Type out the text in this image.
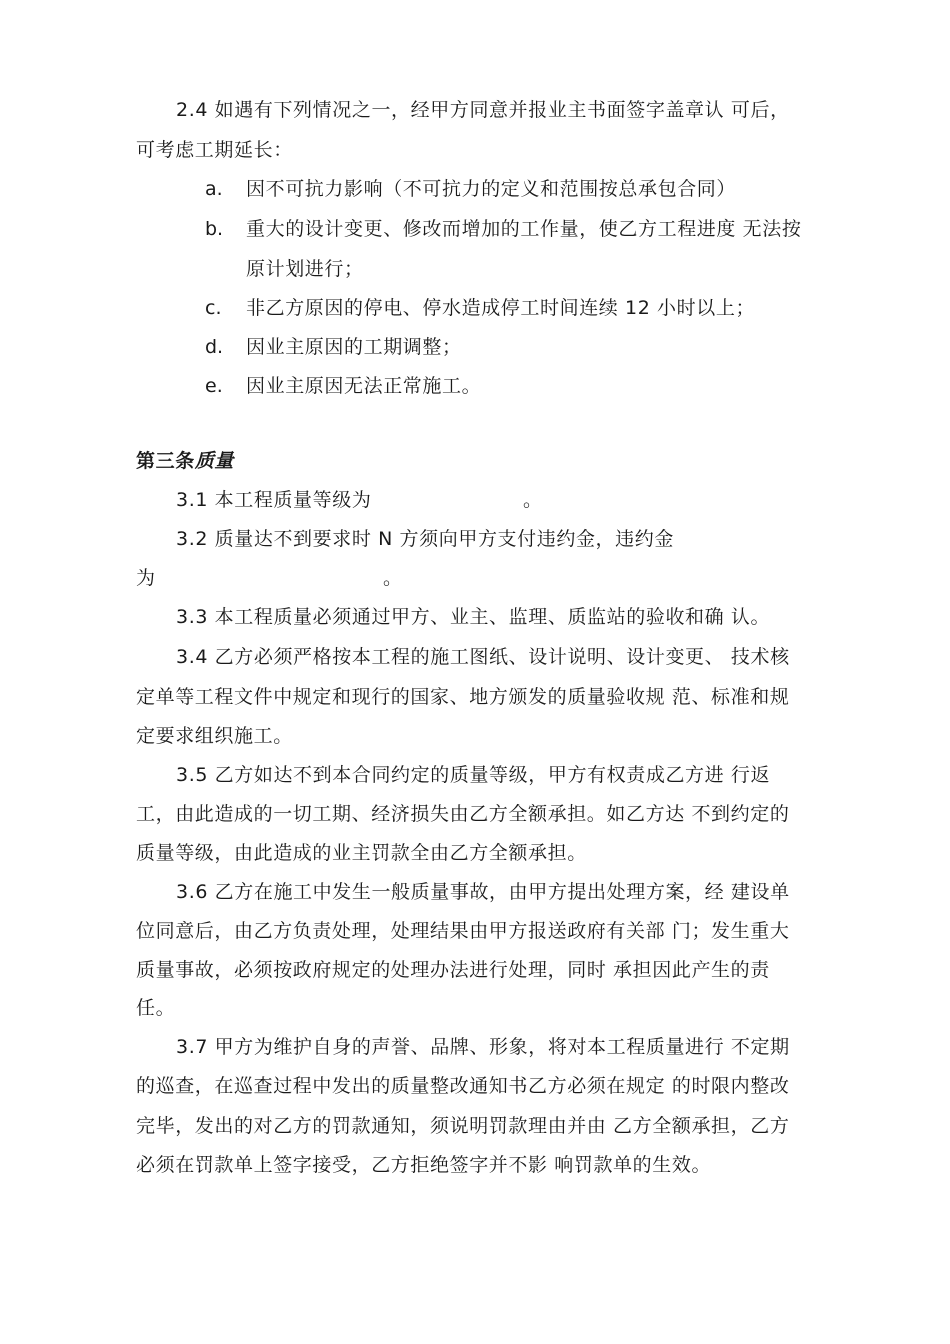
2.4 如遇有下列情况之一，经甲方同意并报业主书面签字盖章认 可后，
可考虑工期延长：
a. 因不可抗力影响（不可抗力的定义和范围按总承包合同）
b. 重大的设计变更、修改而增加的工作量，使乙方工程进度 无法按
原计划进行；
c. 非乙方原因的停电、停水造成停工时间连续 12 小时以上；
d. 因业主原因的工期调整；
e. 因业主原因无法正常施工。
第三条质量
3.1 本工程质量等级为	。
3.2 质量达不到要求时 N 方须向甲方支付违约金，违约金
为	。
3.3 本工程质量必须通过甲方、业主、监理、质监站的验收和确 认。
3.4 乙方必须严格按本工程的施工图纸、设计说明、设计变更、 技术核
定单等工程文件中规定和现行的国家、地方颁发的质量验收规 范、标准和规
定要求组织施工。
3.5 乙方如达不到本合同约定的质量等级，甲方有权责成乙方进 行返
工，由此造成的一切工期、经济损失由乙方全额承担。如乙方达 不到约定的
质量等级，由此造成的业主罚款全由乙方全额承担。
3.6 乙方在施工中发生一般质量事故，由甲方提出处理方案，经 建设单
位同意后，由乙方负责处理，处理结果由甲方报送政府有关部 门；发生重大
质量事故，必须按政府规定的处理办法进行处理，同时 承担因此产生的责
任。
3.7 甲方为维护自身的声誉、品牌、形象，将对本工程质量进行 不定期
的巡查，在巡查过程中发出的质量整改通知书乙方必须在规定 的时限内整改
完毕，发出的对乙方的罚款通知，须说明罚款理由并由 乙方全额承担，乙方
必须在罚款单上签字接受，乙方拒绝签字并不影 响罚款单的生效。
